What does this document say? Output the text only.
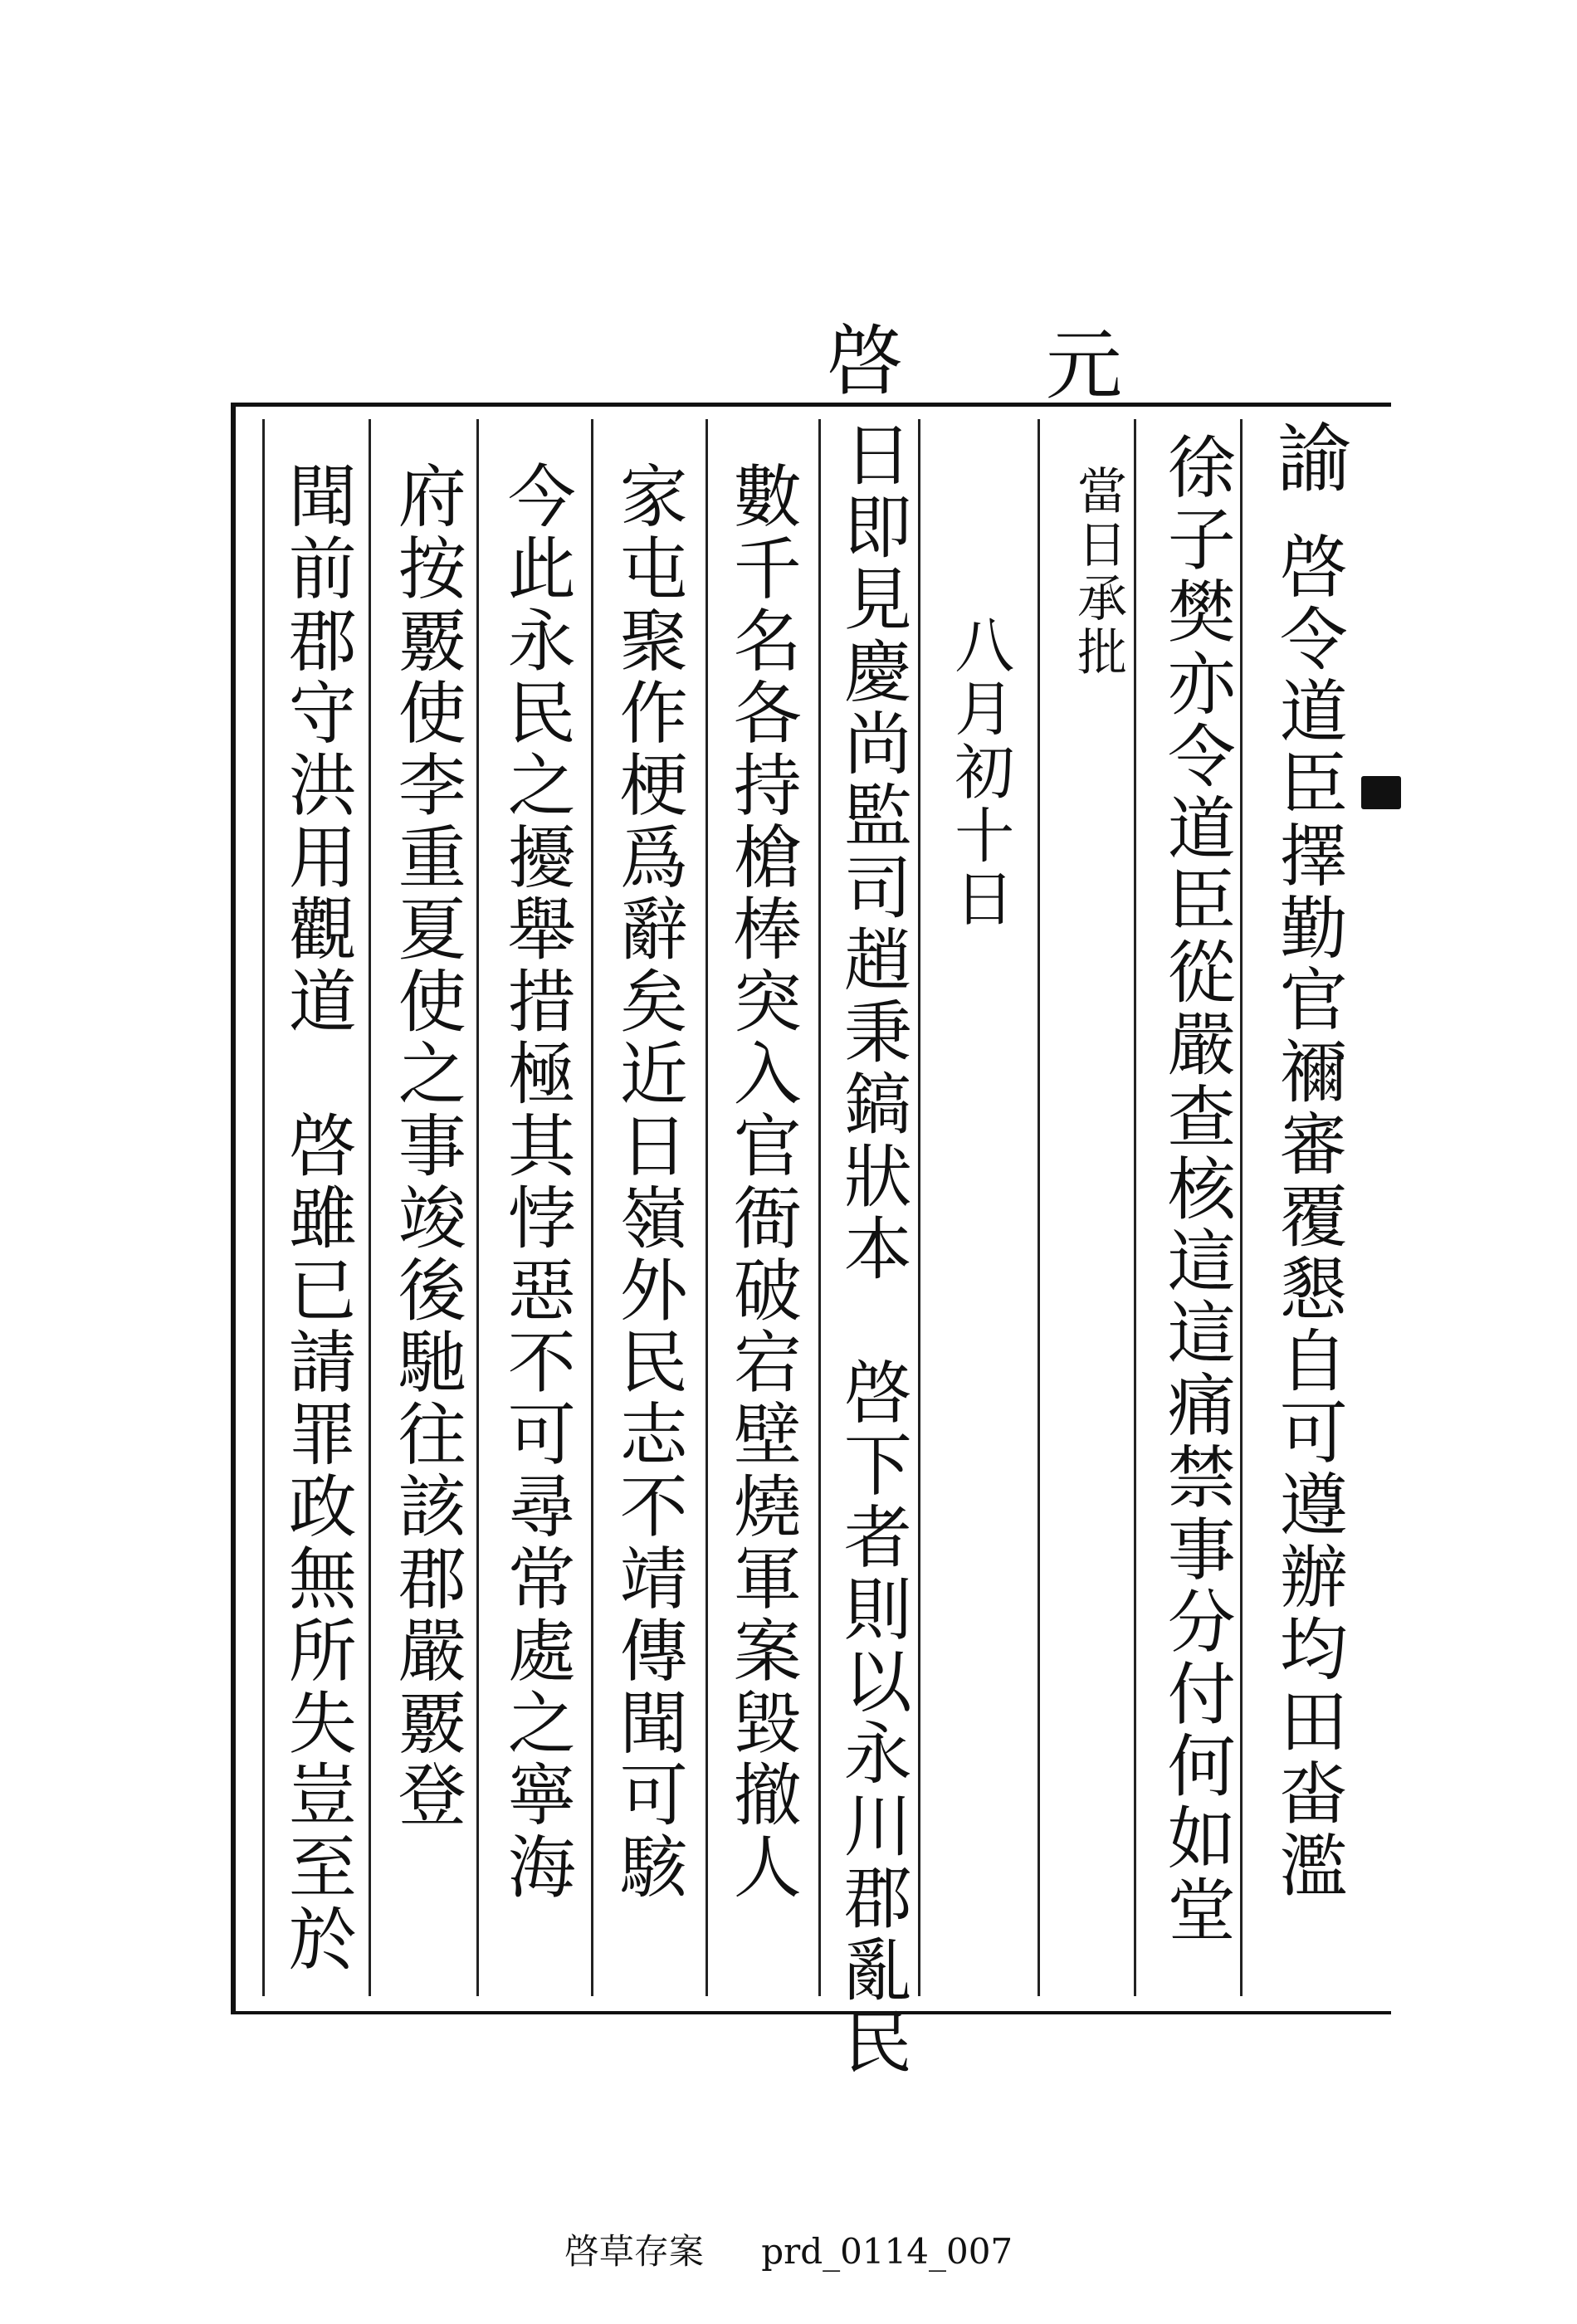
啓 元
諭
啓令道臣擇勤官禰審覆懇自可遵辦均田畓濫
徐子樊亦令道臣從嚴查核這這痛禁事分付何如堂
當日承批
八月初十日
日即見慶尚監司趙秉鎬狀本　啓下者則以永川郡亂民
數千名各持槍棒突入官衙破宕壁燒軍案毀撤人
家屯聚作梗爲辭矣近日嶺外民志不靖傳聞可駭
今此永民之擾舉措極其悖惡不可尋常處之寧海
府按覈使李重夏使之事竣後馳往該郡嚴覈登
聞前郡守洪用觀道　啓雖已請罪政無所失豈至於
啓草存案 prd_0114_007
